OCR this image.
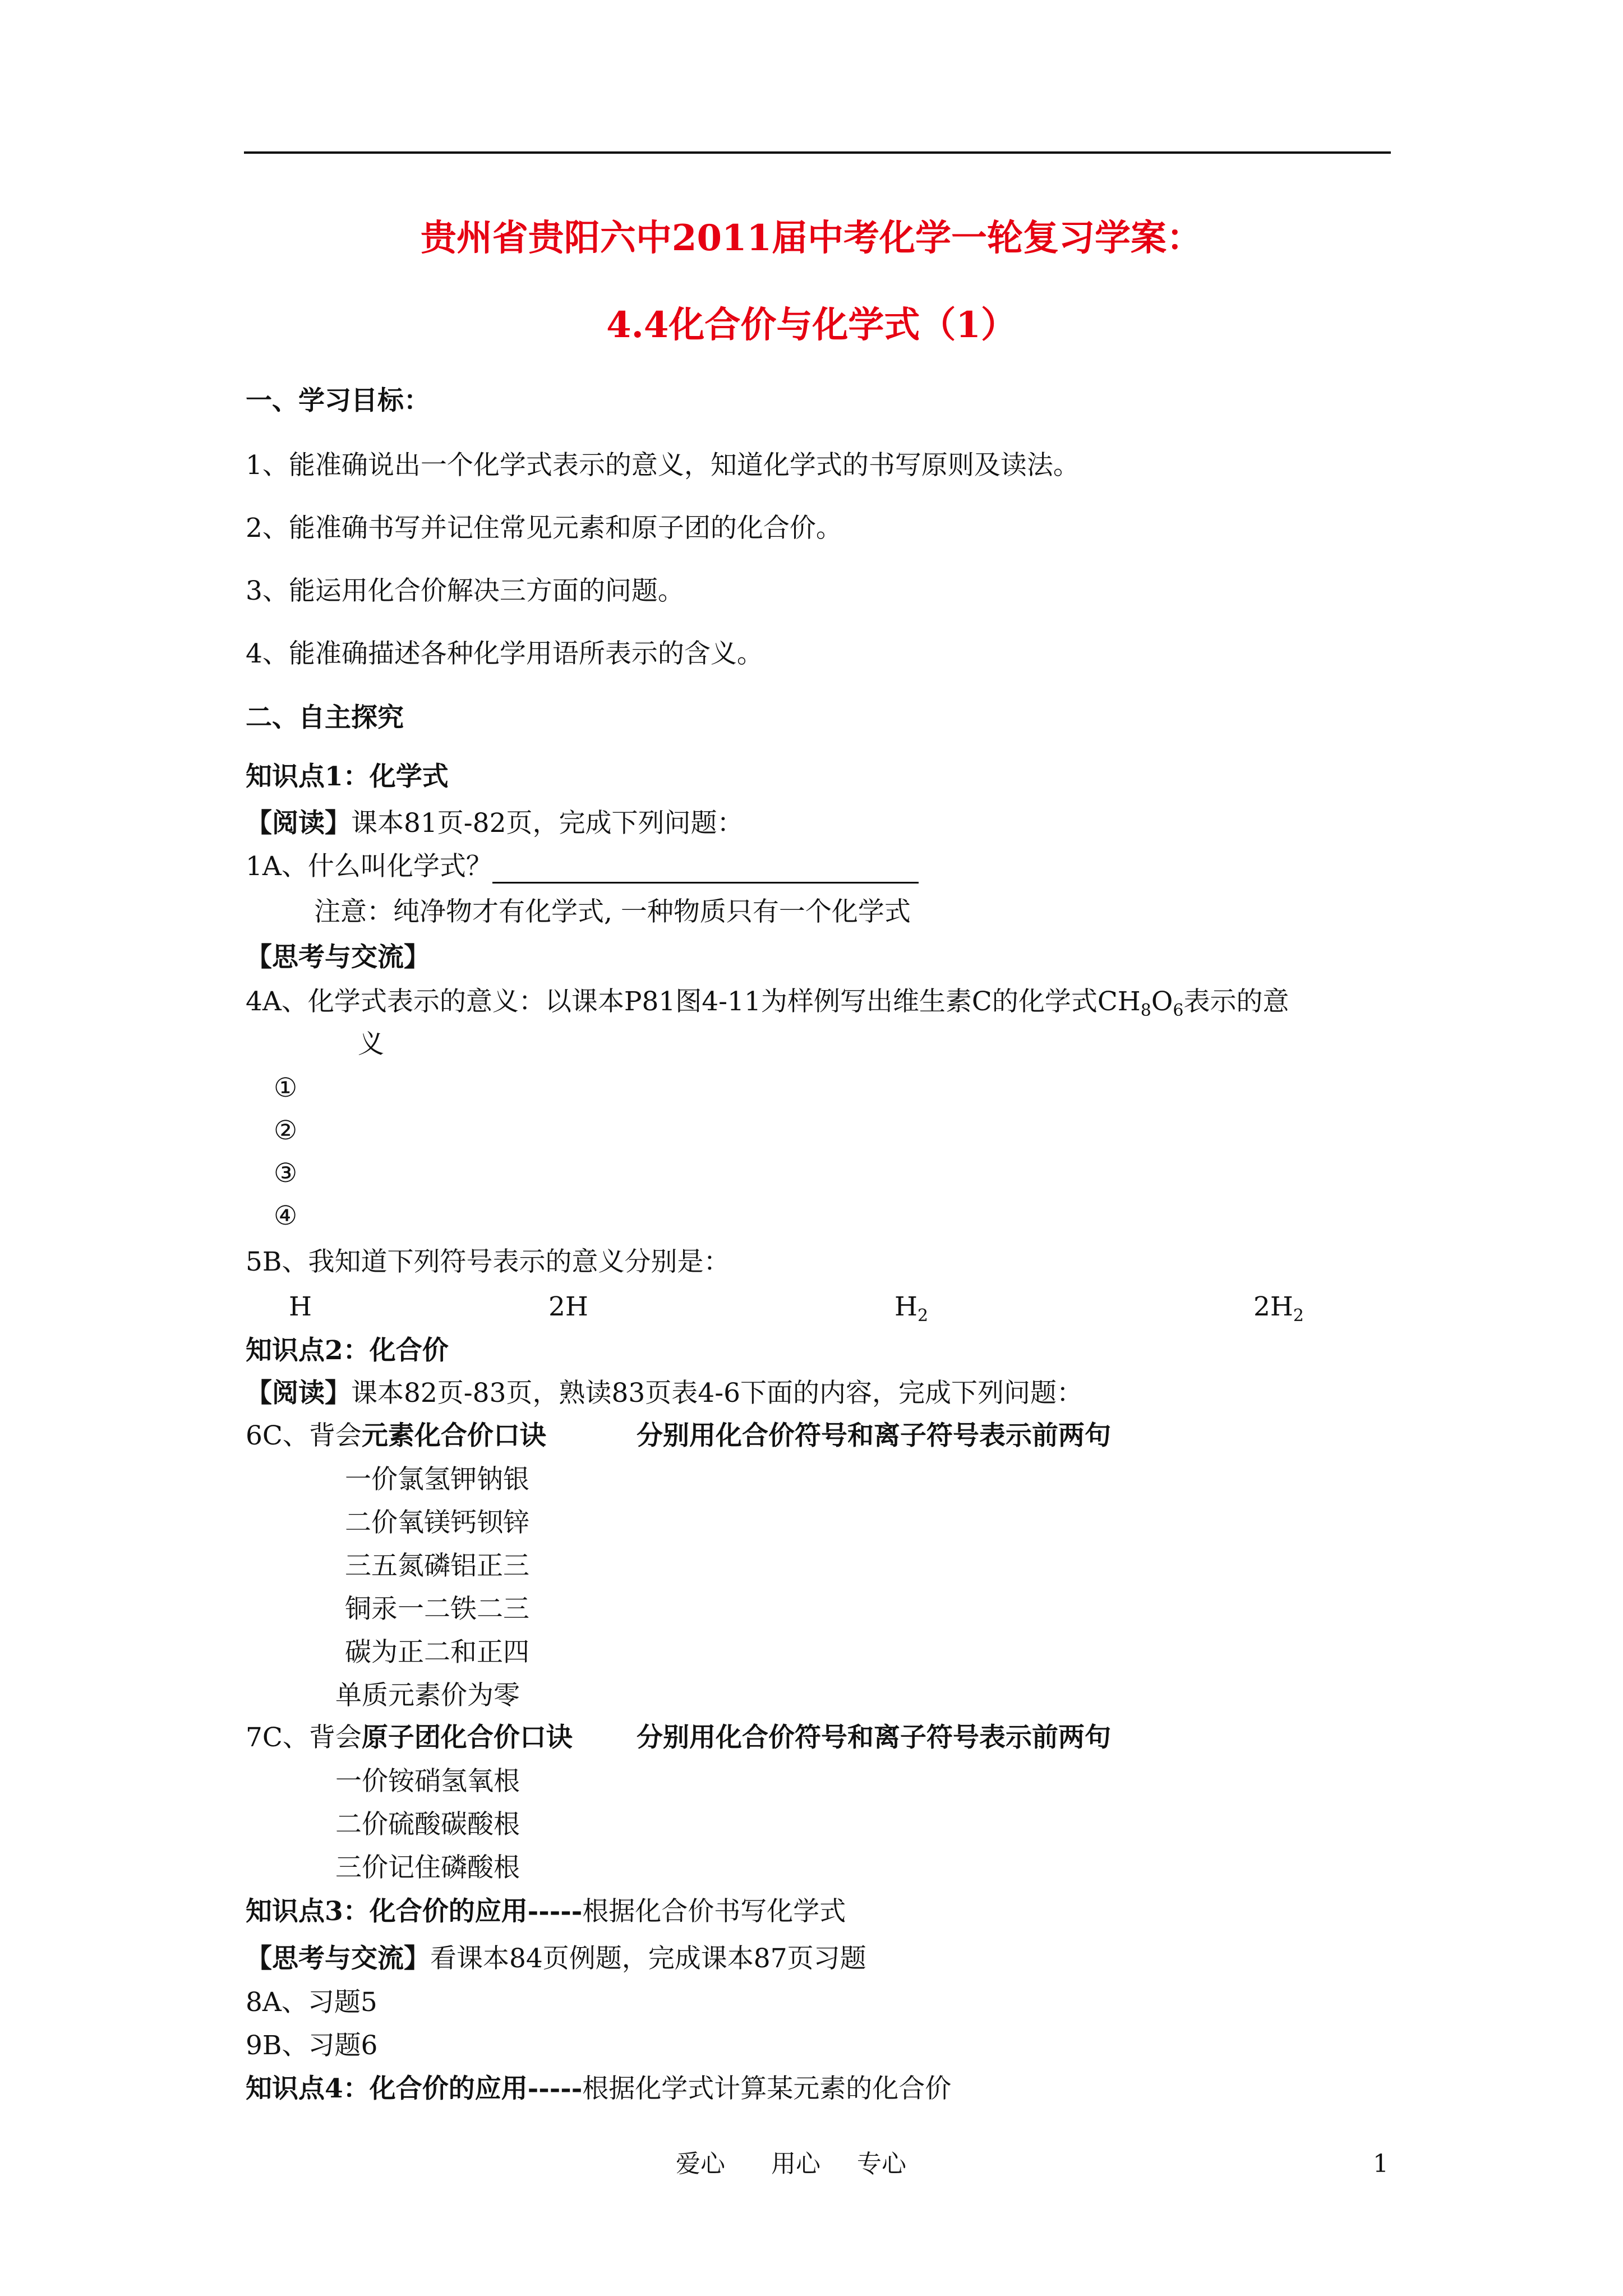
贵州省贵阳六中2011届中考化学一轮复习学案：
4.4化合价与化学式（1）
一、学习目标：
1、能准确说出一个化学式表示的意义，知道化学式的书写原则及读法。
2、能准确书写并记住常见元素和原子团的化合价。
3、能运用化合价解决三方面的问题。
4、能准确描述各种化学用语所表示的含义。
二、自主探究
知识点1：化学式
【阅读】课本81页-82页，完成下列问题：
1A、什么叫化学式？
注意：纯净物才有化学式, 一种物质只有一个化学式
【思考与交流】
4A、化学式表示的意义：以课本P81图4-11为样例写出维生素C的化学式$CH_8O_6$表示的意
义
①
②
③
④
5B、我知道下列符号表示的意义分别是：
H	2H	$H_2$	$2H_2$
知识点2：化合价
【阅读】课本82页-83页，熟读83页表4-6下面的内容，完成下列问题：
6C、背会元素化合价口诀	分别用化合价符号和离子符号表示前两句
一价氯氢钾钠银
二价氧镁钙钡锌
三五氮磷铝正三
铜汞一二铁二三
碳为正二和正四
单质元素价为零
7C、背会原子团化合价口诀 分别用化合价符号和离子符号表示前两句
一价铵硝氢氧根
二价硫酸碳酸根
三价记住磷酸根
知识点3：化合价的应用-----根据化合价书写化学式
【思考与交流】看课本84页例题，完成课本87页习题
8A、习题5
9B、习题6
知识点4：化合价的应用-----根据化学式计算某元素的化合价
爱心 用心 专心	1
